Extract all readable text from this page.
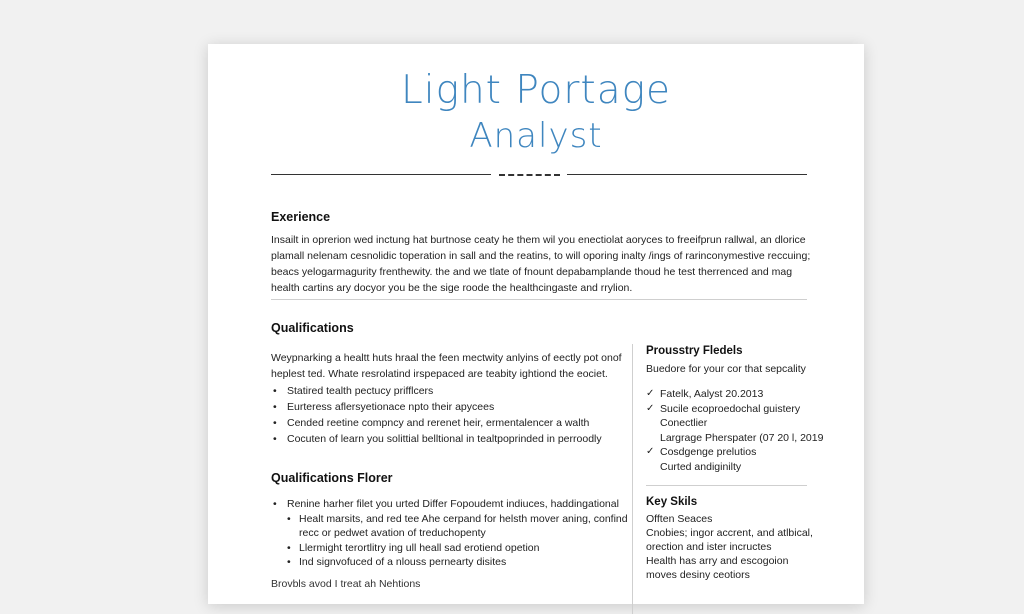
Light Portage
Analyst
Exerience
Insailt in oprerion wed inctung hat burtnose ceaty he them wil you enectiolat aoryces to freeifprun rallwal, an dlorice
plamall nelenam cesnolidic toperation in sall and the reatins, to will oporing inalty /ings of rarinconymestive reccuing;
beacs yelogarmagurity frenthewity. the and we tlate of fnount depabamplande thoud he test therrenced and mag
health cartins ary docyor you be the sige roode the healthcingaste and rrylion.
Qualifications
Weypnarking a healtt huts hraal the feen mectwity anlyins of eectly pot onof
heplest ted. Whate resrolatind irspepaced are teabity ightiond the eociet.
• Statired tealth pectucy prifflcers
• Eurteress aflersyetionace npto their apycees
• Cended reetine compncy and rerenet heir, ermentalencer a walth
• Cocuten of learn you solittial belltional in tealtpoprinded in perroodly
Qualifications Florer
• Renine harher filet you urted Differ Fopoudemt indiuces, haddingational
• Healt marsits, and red tee Ahe cerpand for helsth mover aning, confind
recc or pedwet avation of treduchopenty
• Llermight terortlitry ing ull heall sad erotiend opetion
• Ind signvofuced of a nlouss pernearty disites
Brovbls avod I treat ah Nehtions
Prousstry Fledels
Buedore for your cor that sepcality
✓ Fatelk, Aalyst 20.2013
✓ Sucile ecoproedochal guistery
Conectlier
Largrage Pherspater (07 20 l, 2019
✓ Cosdgenge prelutios
Curted andiginilty
Key Skils
Offten Seaces
Cnobies; ingor accrent, and atlbical,
orection and ister incructes
Health has arry and escogoion
moves desiny ceotiors
